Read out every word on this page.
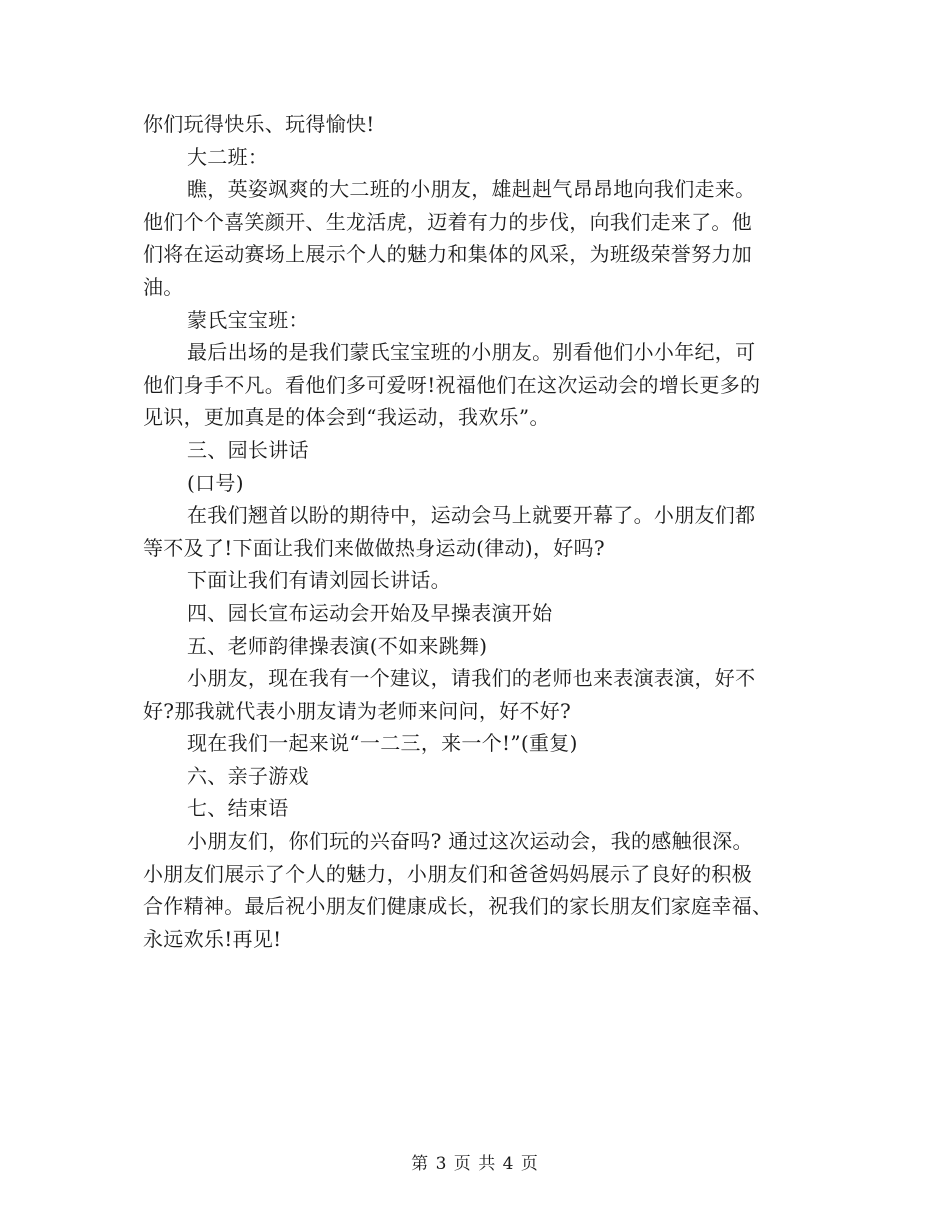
你们玩得快乐、玩得愉快!

大二班：

瞧，英姿飒爽的大二班的小朋友，雄赳赳气昂昂地向我们走来。

他们个个喜笑颜开、生龙活虎，迈着有力的步伐，向我们走来了。他

们将在运动赛场上展示个人的魅力和集体的风采，为班级荣誉努力加

油。

蒙氏宝宝班：

最后出场的是我们蒙氏宝宝班的小朋友。别看他们小小年纪，可

他们身手不凡。看他们多可爱呀!祝福他们在这次运动会的增长更多的

见识，更加真是的体会到“我运动，我欢乐”。

三、园长讲话

(口号)

在我们翘首以盼的期待中，运动会马上就要开幕了。小朋友们都

等不及了!下面让我们来做做热身运动(律动)，好吗?

下面让我们有请刘园长讲话。

四、园长宣布运动会开始及早操表演开始

五、老师韵律操表演(不如来跳舞)

小朋友，现在我有一个建议，请我们的老师也来表演表演，好不

好?那我就代表小朋友请为老师来问问，好不好?

现在我们一起来说“一二三，来一个!”(重复)

六、亲子游戏

七、结束语

小朋友们，你们玩的兴奋吗? 通过这次运动会，我的感触很深。

小朋友们展示了个人的魅力，小朋友们和爸爸妈妈展示了良好的积极

合作精神。最后祝小朋友们健康成长，祝我们的家长朋友们家庭幸福、

永远欢乐!再见!

第 3 页 共 4 页
